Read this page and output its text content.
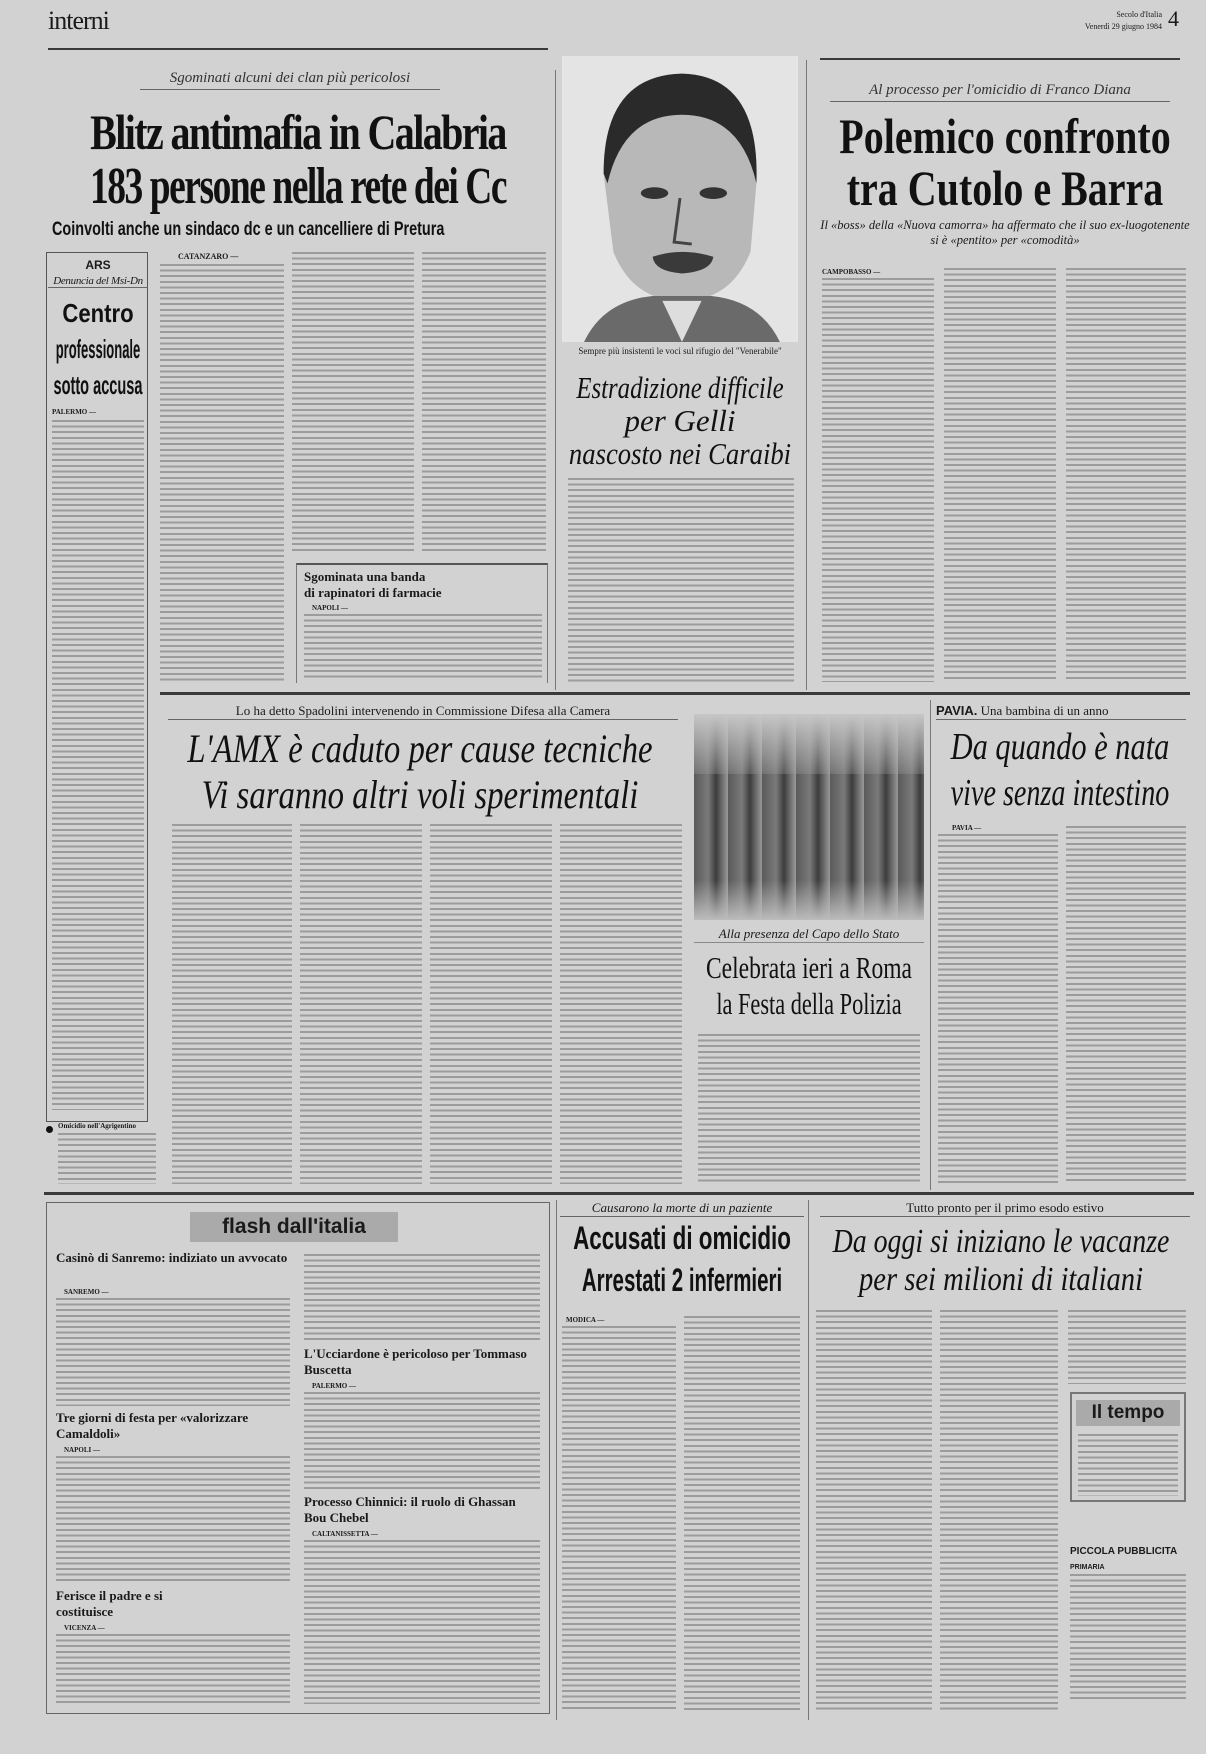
interni	Secolo d'Italia
Venerdì 29 giugno 1984 4
Sgominati alcuni dei clan più pericolosi
Blitz antimafia in Calabria
183 persone nella rete dei Cc
Coinvolti anche un sindaco dc e un cancelliere di Pretura
CATANZARO —
ARS
Denuncia del Msi-Dn
Centro
professionale
sotto accusa
PALERMO —
Omicidio nell'Agrigentino
Sgominata una banda
di rapinatori di farmacie
NAPOLI —
Sempre più insistenti le voci sul rifugio del "Venerabile"
Estradizione difficile
per Gelli
nascosto nei Caraibi
Al processo per l'omicidio di Franco Diana
Polemico confronto
tra Cutolo e Barra
Il «boss» della «Nuova camorra» ha affermato che il suo ex-luogotenente si è «pentito» per «comodità»
CAMPOBASSO —
Lo ha detto Spadolini intervenendo in Commissione Difesa alla Camera
L'AMX è caduto per cause tecniche
Vi saranno altri voli sperimentali
Alla presenza del Capo dello Stato
Celebrata ieri a Roma
la Festa della Polizia
PAVIA. Una bambina di un anno
Da quando è nata
vive senza intestino
PAVIA —
flash dall'italia
Casinò di Sanremo: indiziato un avvocato
SANREMO —
Tre giorni di festa per «valorizzare Camaldoli»
NAPOLI —
Ferisce il padre e si costituisce
VICENZA —
L'Ucciardone è pericoloso per Tommaso Buscetta
PALERMO —
Processo Chinnici: il ruolo di Ghassan Bou Chebel
CALTANISSETTA —
Causarono la morte di un paziente
Accusati di omicidio
Arrestati 2 infermieri
MODICA —
Tutto pronto per il primo esodo estivo
Da oggi si iniziano le vacanze
per sei milioni di italiani
Il tempo
PICCOLA PUBBLICITA
PRIMARIA
